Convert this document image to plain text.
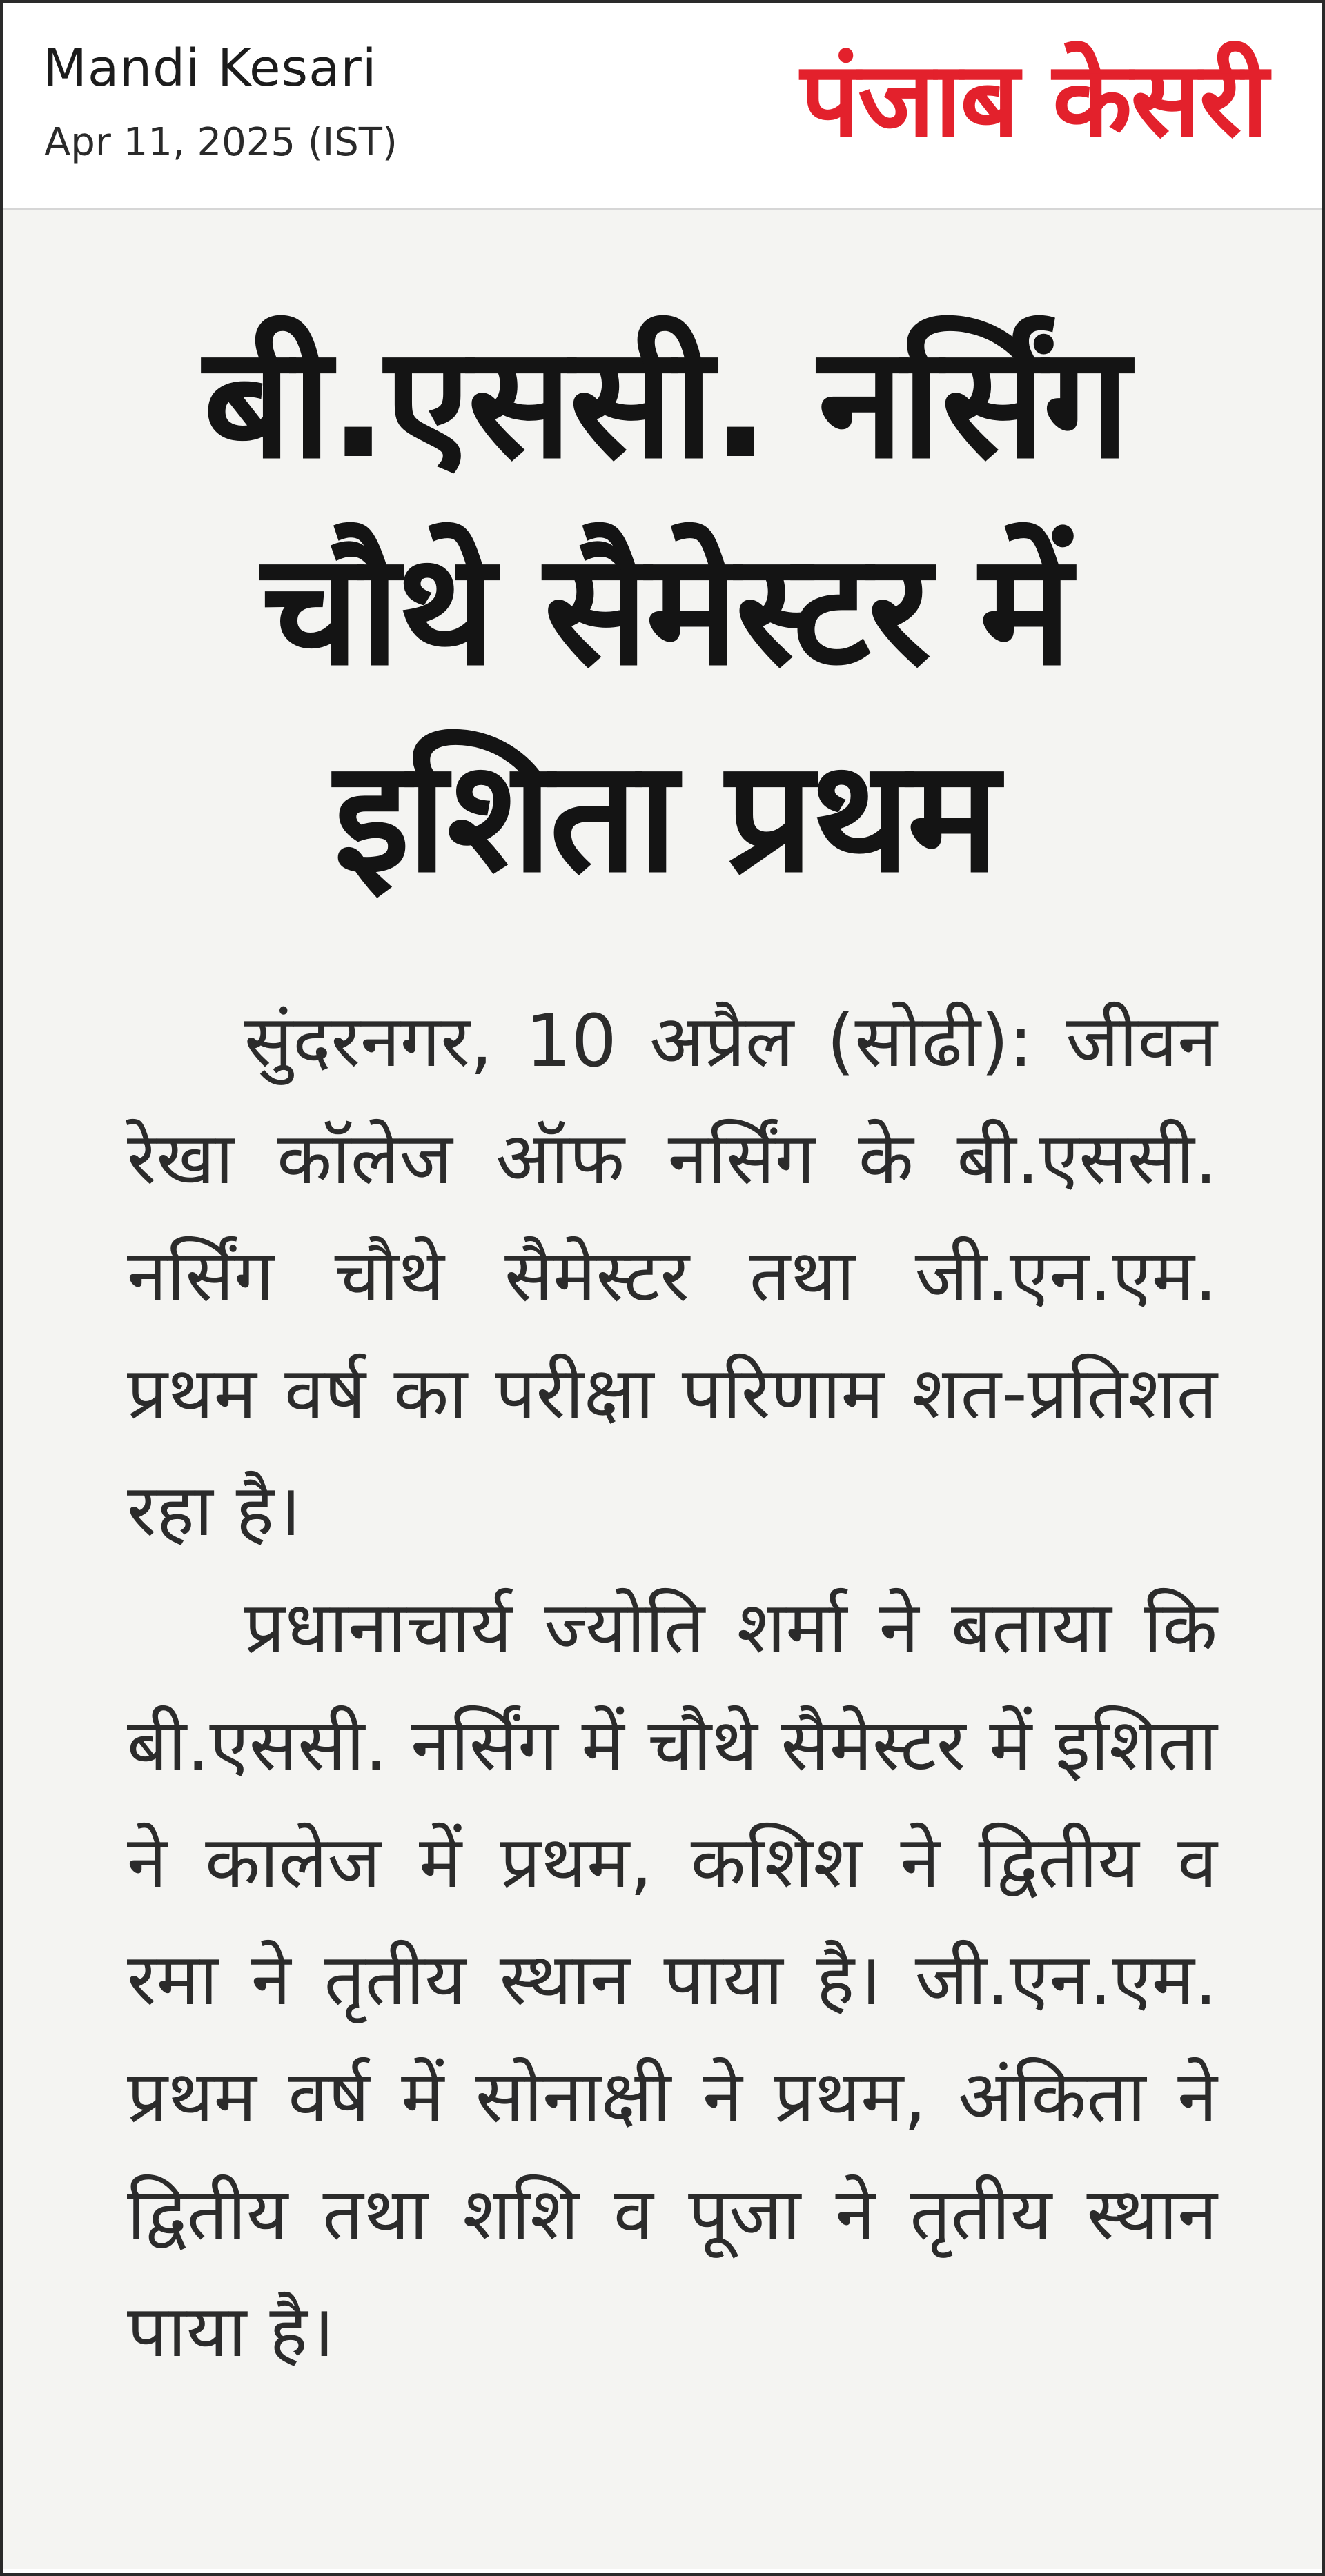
Mandi Kesari
Apr 11, 2025 (IST)	पंजाब केसरी
बी.एससी. नर्सिंग
चौथे सैमेस्टर में
इशिता प्रथम

सुंदरनगर, 10 अप्रैल (सोढी): जीवन रेखा कॉलेज ऑफ नर्सिंग के बी.एससी. नर्सिंग चौथे सैमेस्टर तथा जी.एन.एम. प्रथम वर्ष का परीक्षा परिणाम शत-प्रतिशत रहा है।

प्रधानाचार्य ज्योति शर्मा ने बताया कि बी.एससी. नर्सिंग में चौथे सैमेस्टर में इशिता ने कालेज में प्रथम, कशिश ने द्वितीय व रमा ने तृतीय स्थान पाया है। जी.एन.एम. प्रथम वर्ष में सोनाक्षी ने प्रथम, अंकिता ने द्वितीय तथा शशि व पूजा ने तृतीय स्थान पाया है।
